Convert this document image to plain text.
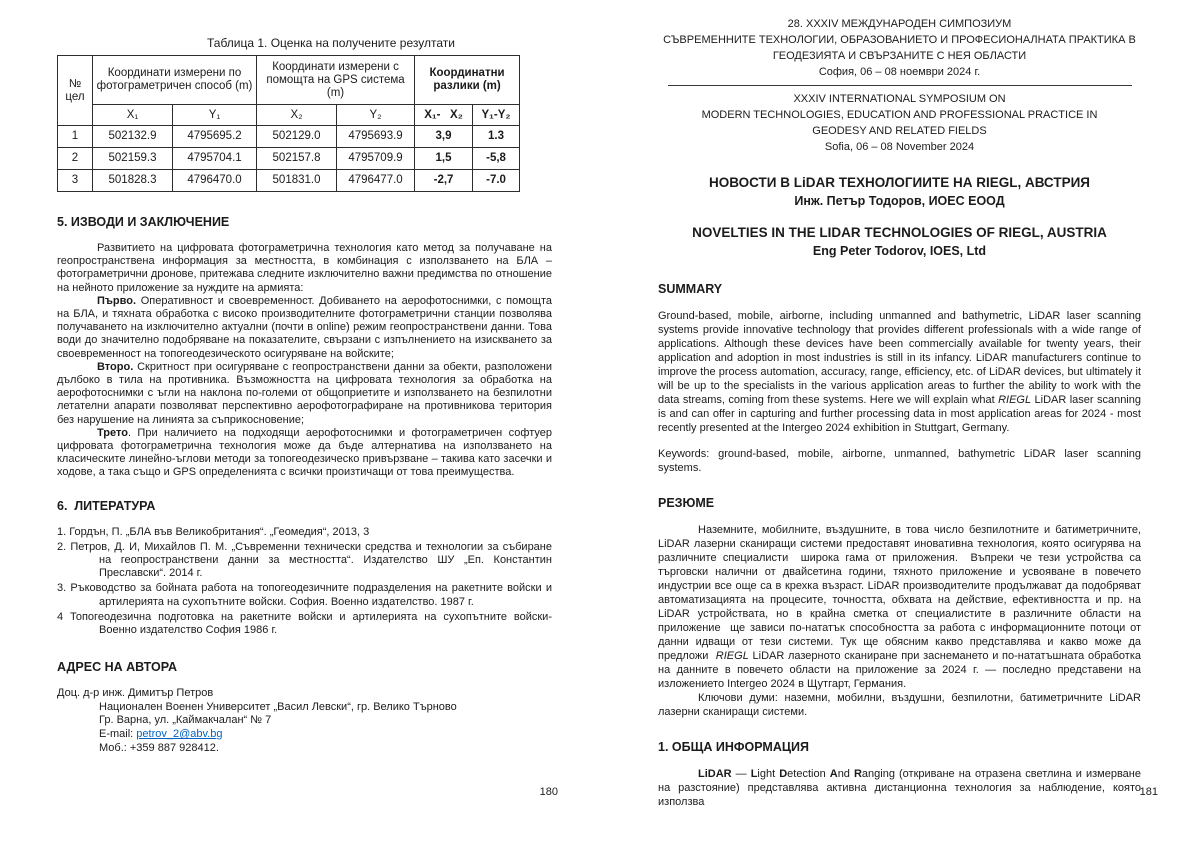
Таблица 1. Оценка на получените резултати
№ цел	Координати измерени по фотограметричен способ (m)		Координати измерени с помощта на GPS система (m)		Координатни разлики (m)	
	X₁	Y₁	X₂	Y₂	X₁-   X₂	Y₁-Y₂
1	502132.9	4795695.2	502129.0	4795693.9	3,9	1.3
2	502159.3	4795704.1	502157.8	4795709.9	1,5	-5,8
3	501828.3	4796470.0	501831.0	4796477.0	-2,7	-7.0
5. ИЗВОДИ И ЗАКЛЮЧЕНИЕ

Развитието на цифровата фотограметрична технология като метод за получаване на геопространствена информация за местността, в комбинация с използването на БЛА – фотограметрични дронове, притежава следните изключително важни предимства по отношение на нейното приложение за нуждите на армията:

Първо. Оперативност и своевременност. Добиването на аерофотоснимки, с помощта на БЛА, и тяхната обработка с високо производителните фотограметрични станции позволява получаването на изключително актуални (почти в online) режим геопространствени данни. Това води до значително подобряване на показателите, свързани с изпълнението на изискването за своевременност на топогеодезическото осигуряване на войските;

Второ. Скритност при осигуряване с геопространствени данни за обекти, разположени дълбоко в тила на противника. Възможността на цифровата технология за обработка на аерофотоснимки с ъгли на наклона по-големи от общоприетите и използването на безпилотни летателни апарати позволяват перспективно аерофотографиране на противникова територия без нарушение на линията за съприкосновение;

Трето. При наличието на подходящи аерофотоснимки и фотограметричен софтуер цифровата фотограметрична технология може да бъде алтернатива на използването на класическите линейно-ъглови методи за топогеодезическо привързване – такива като засечки и ходове, а така също и GPS определенията с всички произтичащи от това преимущества.

6.  ЛИТЕРАТУРА

1. Гордън, П. „БЛА във Великобритания“. „Геомедия“, 2013, 3

2. Петров, Д. И, Михайлов П. М. „Съвременни технически средства и технологии за събиране на геопространствени данни за местността“. Издателство ШУ „Еп. Константин Преславски“. 2014 г.

3. Ръководство за бойната работа на топогеодезичните подразделения на ракетните войски и артилерията на сухопътните войски. София. Военно издателство. 1987 г.

4 Топогеодезична подготовка на ракетните войски и артилерията на сухопътните войски- Военно издателство София 1986 г.

АДРЕС НА АВТОРА

Доц. д-р инж. Димитър Петров

Национален Военен Университет „Васил Левски“, гр. Велико Търново

Гр. Варна, ул. „Каймакчалан“ № 7

E-mail: petrov_2@abv.bg

Моб.: +359 887 928412.

180

28. XXXIV МЕЖДУНАРОДЕН СИМПОЗИУМ

СЪВРЕМЕННИТЕ ТЕХНОЛОГИИ, ОБРАЗОВАНИЕТО И ПРОФЕСИОНАЛНАТА ПРАКТИКА В

ГЕОДЕЗИЯТА И СВЪРЗАНИТЕ С НЕЯ ОБЛАСТИ

София, 06 – 08 ноември 2024 г.

XXXIV INTERNATIONAL SYMPOSIUM ON

MODERN TECHNOLOGIES, EDUCATION AND PROFESSIONAL PRACTICE IN

GEODESY AND RELATED FIELDS

Sofia, 06 – 08 November 2024

НОВОСТИ В LiDAR ТЕХНОЛОГИИТЕ НА RIEGL, АВСТРИЯ

Инж. Петър Тодоров, ИОЕС ЕООД

NOVELTIES IN THE LIDAR TECHNOLOGIES OF RIEGL, AUSTRIA

Eng Peter Todorov, IOES, Ltd

SUMMARY

Ground-based, mobile, airborne, including unmanned and bathymetric, LiDAR laser scanning systems provide innovative technology that provides different professionals with a wide range of applications. Although these devices have been commercially available for twenty years, their application and adoption in most industries is still in its infancy. LiDAR manufacturers continue to improve the process automation, accuracy, range, efficiency, etc. of LiDAR devices, but ultimately it will be up to the specialists in the various application areas to further the ability to work with the data streams, coming from these systems. Here we will explain what RIEGL LiDAR laser scanning is and can offer in capturing and further processing data in most application areas for 2024 - most recently presented at the Intergeo 2024 exhibition in Stuttgart, Germany.

Keywords: ground-based, mobile, airborne, unmanned, bathymetric LiDAR laser scanning systems.

РЕЗЮМЕ

Наземните, мобилните, въздушните, в това число безпилотните и батиметричните, LiDAR лазерни сканиращи системи предоставят иновативна технология, която осигурява на различните специалисти  широка гама от приложения.  Въпреки че тези устройства са търговски налични от двайсетина години, тяхното приложение и усвояване в повечето индустрии все още са в крехка възраст. LiDAR производителите продължават да подобряват автоматизацията на процесите, точността, обхвата на действие, ефективността и пр. на LiDAR устройствата, но в крайна сметка от специалистите в различните области на приложение  ще зависи по-нататък способността за работа с информационните потоци от данни идващи от тези системи. Тук ще обясним какво представлява и какво може да предложи  RIEGL LiDAR лазерното сканиране при заснемането и по-нататъшната обработка на данните в повечето области на приложение за 2024 г. — последно представени на изложението Intergeo 2024 в Щутгарт, Германия.

Ключови думи: наземни, мобилни, въздушни, безпилотни, батиметричните LiDAR лазерни сканиращи системи.

1. ОБЩА ИНФОРМАЦИЯ

LiDAR — Light Detection And Ranging (откриване на отразена светлина и измерване на разстояние) представлява активна дистанционна технология за наблюдение, която използва

181
